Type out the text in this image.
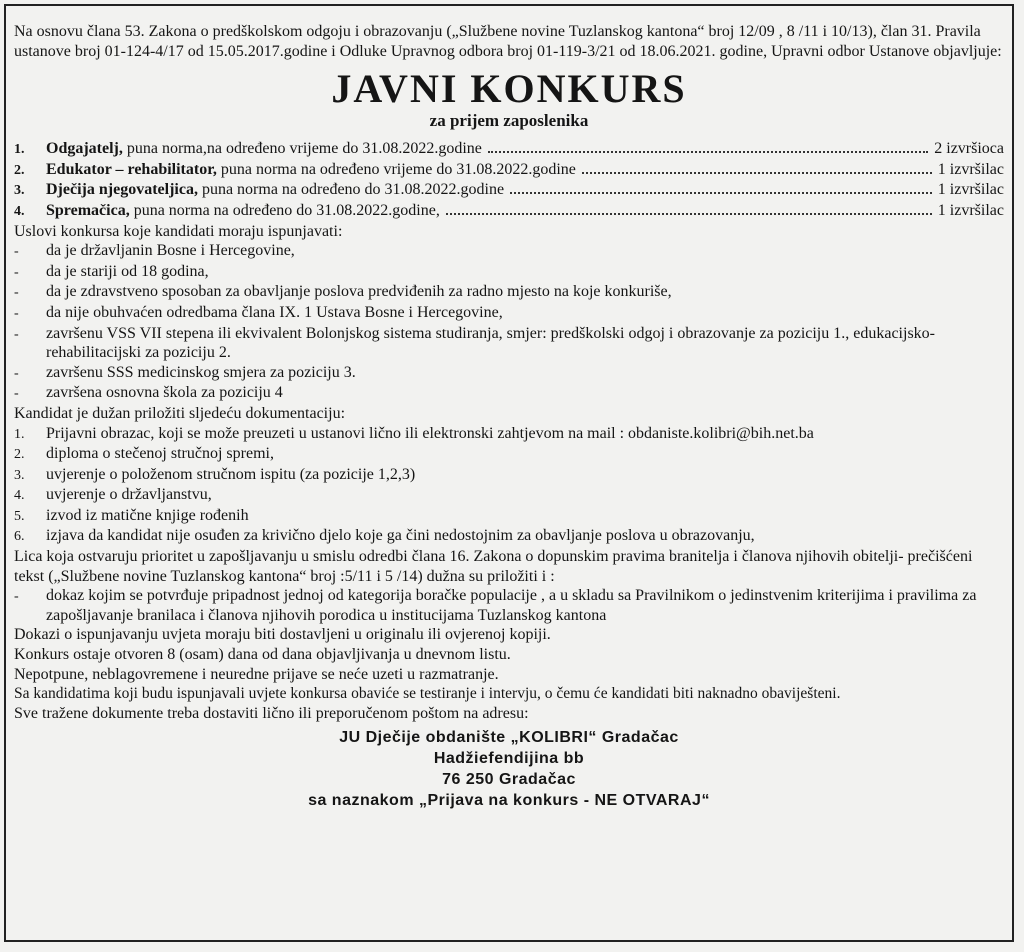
Na osnovu člana 53. Zakona o predškolskom odgoju i obrazovanju („Službene novine Tuzlanskog kantona“ broj 12/09 , 8 /11 i 10/13), član 31. Pravila ustanove broj 01-124-4/17 od 15.05.2017.godine i Odluke Upravnog odbora broj 01-119-3/21 od 18.06.2021. godine, Upravni odbor Ustanove objavljuje:

JAVNI KONKURS
za prijem zaposlenika
1.	Odgajatelj, puna norma,na određeno vrijeme do 31.08.2022.godine	2 izvršioca
2.	Edukator – rehabilitator, puna norma na određeno vrijeme do 31.08.2022.godine	1 izvršilac
3.	Dječija njegovateljica, puna norma na određeno do 31.08.2022.godine	1 izvršilac
4.	Spremačica, puna norma na određeno do 31.08.2022.godine,	1 izvršilac
Uslovi konkursa koje kandidati moraju ispunjavati:
-	da je državljanin Bosne i Hercegovine,
-	da je stariji od 18 godina,
-	da je zdravstveno sposoban za obavljanje poslova predviđenih za radno mjesto na koje konkuriše,
-	da nije obuhvaćen odredbama člana IX. 1 Ustava Bosne i Hercegovine,
-	završenu VSS VII stepena ili ekvivalent Bolonjskog sistema studiranja, smjer: predškolski odgoj i obrazovanje za poziciju 1., edukacijsko-rehabilitacijski za poziciju 2.
-	završenu SSS medicinskog smjera za poziciju 3.
-	završena osnovna škola za poziciju 4
Kandidat je dužan priložiti sljedeću dokumentaciju:
1.	Prijavni obrazac, koji se može preuzeti u ustanovi lično ili elektronski zahtjevom na mail : obdaniste.kolibri@bih.net.ba
2.	diploma o stečenoj stručnoj spremi,
3.	uvjerenje o položenom stručnom ispitu (za pozicije 1,2,3)
4.	uvjerenje o državljanstvu,
5.	izvod iz matične knjige rođenih
6.	izjava da kandidat nije osuđen za krivično djelo koje ga čini nedostojnim za obavljanje poslova u obrazovanju,
Lica koja ostvaruju prioritet u zapošljavanju u smislu odredbi člana 16. Zakona o dopunskim pravima branitelja i članova njihovih obitelji- prečišćeni tekst („Službene novine Tuzlanskog kantona“ broj :5/11 i 5 /14) dužna su priložiti i :
-	dokaz kojim se potvrđuje pripadnost jednoj od kategorija boračke populacije , a u skladu sa Pravilnikom o jedinstvenim kriterijima i pravilima za zapošljavanje branilaca i članova njihovih porodica u institucijama Tuzlanskog kantona
Dokazi o ispunjavanju uvjeta moraju biti dostavljeni u originalu ili ovjerenoj kopiji.
Konkurs ostaje otvoren 8 (osam) dana od dana objavljivanja u dnevnom listu.
Nepotpune, neblagovremene i neuredne prijave se neće uzeti u razmatranje.
Sa kandidatima koji budu ispunjavali uvjete konkursa obaviće se testiranje i intervju, o čemu će kandidati biti naknadno obaviješteni.
Sve tražene dokumente treba dostaviti lično ili preporučenom poštom na adresu:
JU Dječije obdanište „KOLIBRI“ Gradačac
Hadžiefendijina bb
76 250 Gradačac
sa naznakom „Prijava na konkurs - NE OTVARAJ“
